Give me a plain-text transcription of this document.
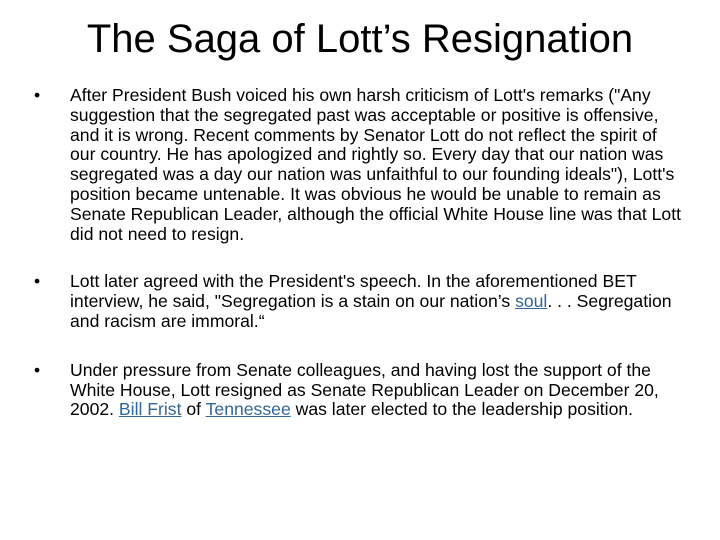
The Saga of Lott’s Resignation
•	After President Bush voiced his own harsh criticism of Lott's remarks ("Any suggestion that the segregated past was acceptable or positive is offensive, and it is wrong. Recent comments by Senator Lott do not reflect the spirit of our country. He has apologized and rightly so. Every day that our nation was segregated was a day our nation was unfaithful to our founding ideals"), Lott's position became untenable. It was obvious he would be unable to remain as Senate Republican Leader, although the official White House line was that Lott did not need to resign.
•	Lott later agreed with the President's speech. In the aforementioned BET interview, he said, "Segregation is a stain on our nation’s soul. . . Segregation and racism are immoral.“
•	Under pressure from Senate colleagues, and having lost the support of the White House, Lott resigned as Senate Republican Leader on December 20, 2002. Bill Frist of Tennessee was later elected to the leadership position.
